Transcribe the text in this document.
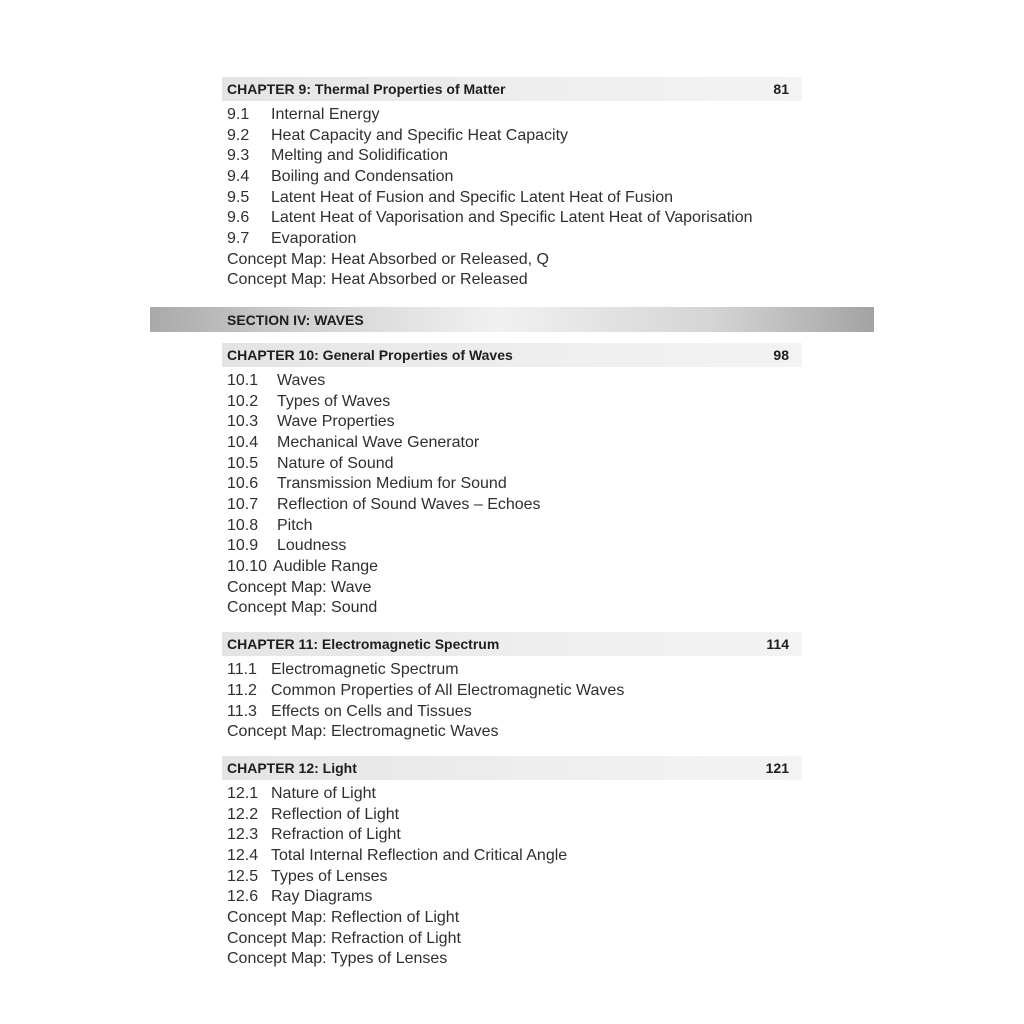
CHAPTER 9: Thermal Properties of Matter	81
9.1 Internal Energy
9.2 Heat Capacity and Specific Heat Capacity
9.3 Melting and Solidification
9.4 Boiling and Condensation
9.5 Latent Heat of Fusion and Specific Latent Heat of Fusion
9.6 Latent Heat of Vaporisation and Specific Latent Heat of Vaporisation
9.7 Evaporation
Concept Map: Heat Absorbed or Released, Q
Concept Map: Heat Absorbed or Released
SECTION IV: WAVES
CHAPTER 10: General Properties of Waves	98
10.1 Waves
10.2 Types of Waves
10.3 Wave Properties
10.4 Mechanical Wave Generator
10.5 Nature of Sound
10.6 Transmission Medium for Sound
10.7 Reflection of Sound Waves – Echoes
10.8 Pitch
10.9 Loudness
10.10 Audible Range
Concept Map: Wave
Concept Map: Sound
CHAPTER 11: Electromagnetic Spectrum	114
11.1 Electromagnetic Spectrum
11.2 Common Properties of All Electromagnetic Waves
11.3 Effects on Cells and Tissues
Concept Map: Electromagnetic Waves
CHAPTER 12: Light	121
12.1 Nature of Light
12.2 Reflection of Light
12.3 Refraction of Light
12.4 Total Internal Reflection and Critical Angle
12.5 Types of Lenses
12.6 Ray Diagrams
Concept Map: Reflection of Light
Concept Map: Refraction of Light
Concept Map: Types of Lenses
